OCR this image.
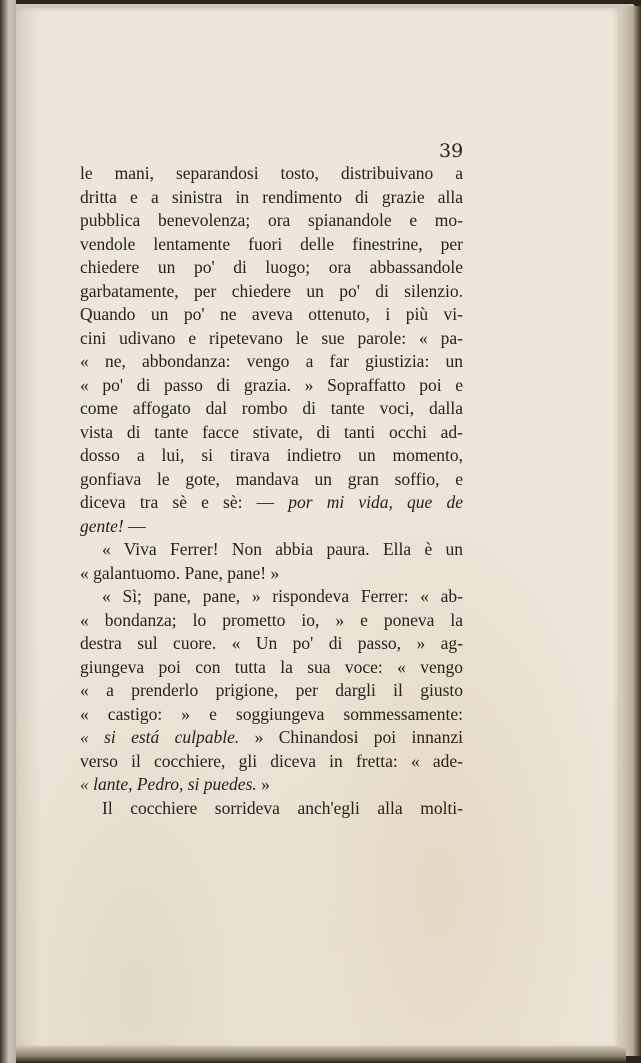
39
le mani, separandosi tosto, distribuivano a
dritta e a sinistra in rendimento di grazie alla
pubblica benevolenza; ora spianandole e mo-
vendole lentamente fuori delle finestrine, per
chiedere un po' di luogo; ora abbassandole
garbatamente, per chiedere un po' di silenzio.
Quando un po' ne aveva ottenuto, i più vi-
cini udivano e ripetevano le sue parole: « pa-
« ne, abbondanza: vengo a far giustizia: un
« po' di passo di grazia. » Sopraffatto poi e
come affogato dal rombo di tante voci, dalla
vista di tante facce stivate, di tanti occhi ad-
dosso a lui, si tirava indietro un momento,
gonfiava le gote, mandava un gran soffio, e
diceva tra sè e sè: — por mi vida, que de
gente! —
« Viva Ferrer! Non abbia paura. Ella è un
« galantuomo. Pane, pane! »
« Sì; pane, pane, » rispondeva Ferrer: « ab-
« bondanza; lo prometto io, » e poneva la
destra sul cuore. « Un po' di passo, » ag-
giungeva poi con tutta la sua voce: « vengo
« a prenderlo prigione, per dargli il giusto
« castigo: » e soggiungeva sommessamente:
« si está culpable. » Chinandosi poi innanzi
verso il cocchiere, gli diceva in fretta: « ade-
« lante, Pedro, si puedes. »
Il cocchiere sorrideva anch'egli alla molti-
